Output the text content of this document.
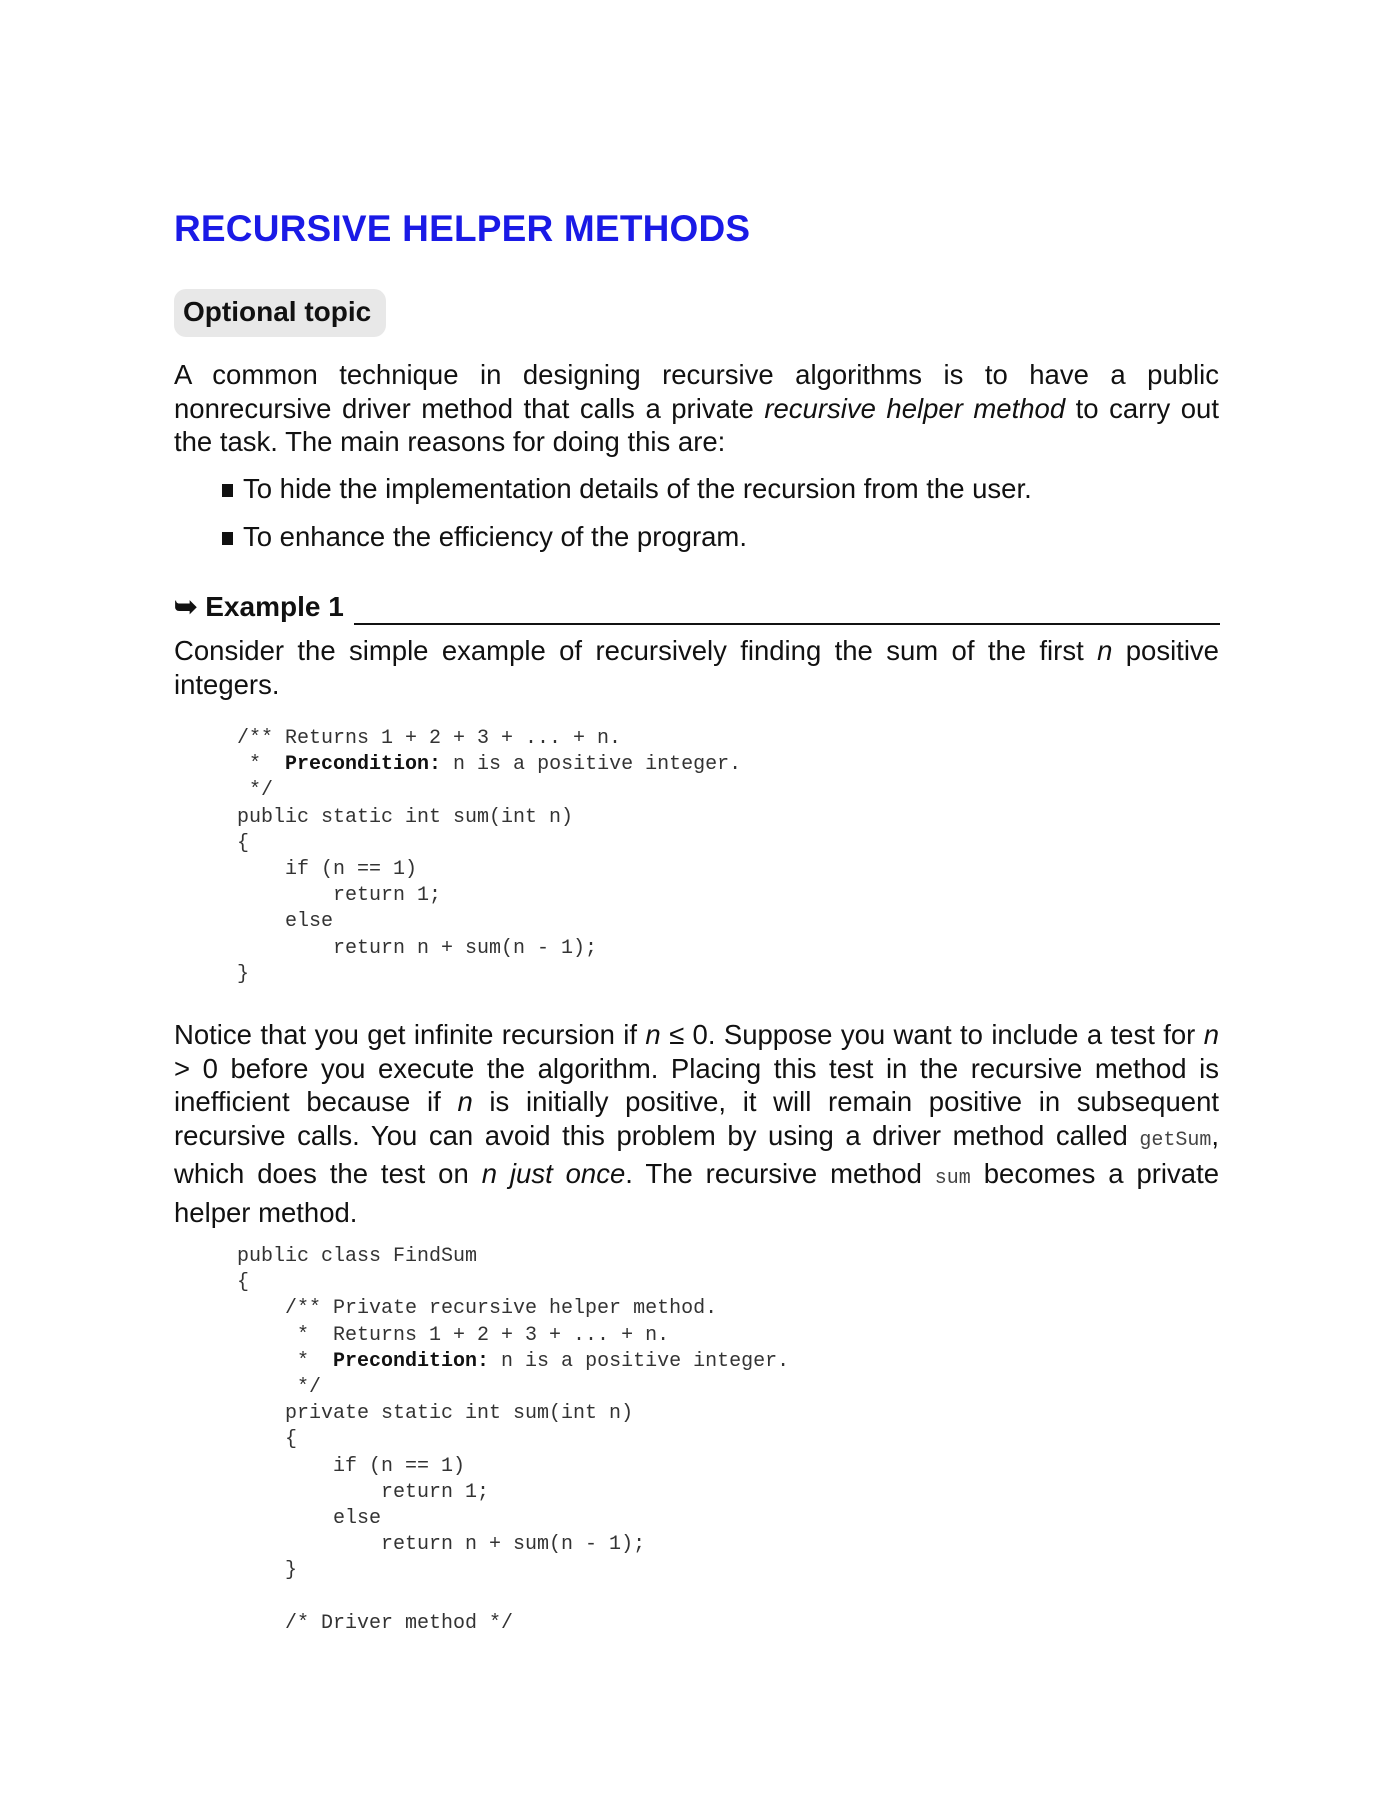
RECURSIVE HELPER METHODS
Optional topic

A common technique in designing recursive algorithms is to have a public nonrecursive driver method that calls a private recursive helper method to carry out the task. The main reasons for doing this are:

To hide the implementation details of the recursion from the user.
To enhance the efficiency of the program.
➥ Example 1

Consider the simple example of recursively finding the sum of the first n positive integers.

/** Returns 1 + 2 + 3 + ... + n.
*  Precondition: n is a positive integer.
*/
public static int sum(int n)
{
if (n == 1)
return 1;
else
return n + sum(n - 1);
}

Notice that you get infinite recursion if n ≤ 0. Suppose you want to include a test for n > 0 before you execute the algorithm. Placing this test in the recursive method is inefficient because if n is initially positive, it will remain positive in subsequent recursive calls. You can avoid this problem by using a driver method called getSum, which does the test on n just once. The recursive method sum becomes a private helper method.

public class FindSum
{
/** Private recursive helper method.
*  Returns 1 + 2 + 3 + ... + n.
*  Precondition: n is a positive integer.
*/
private static int sum(int n)
{
if (n == 1)
return 1;
else
return n + sum(n - 1);
}

/* Driver method */
